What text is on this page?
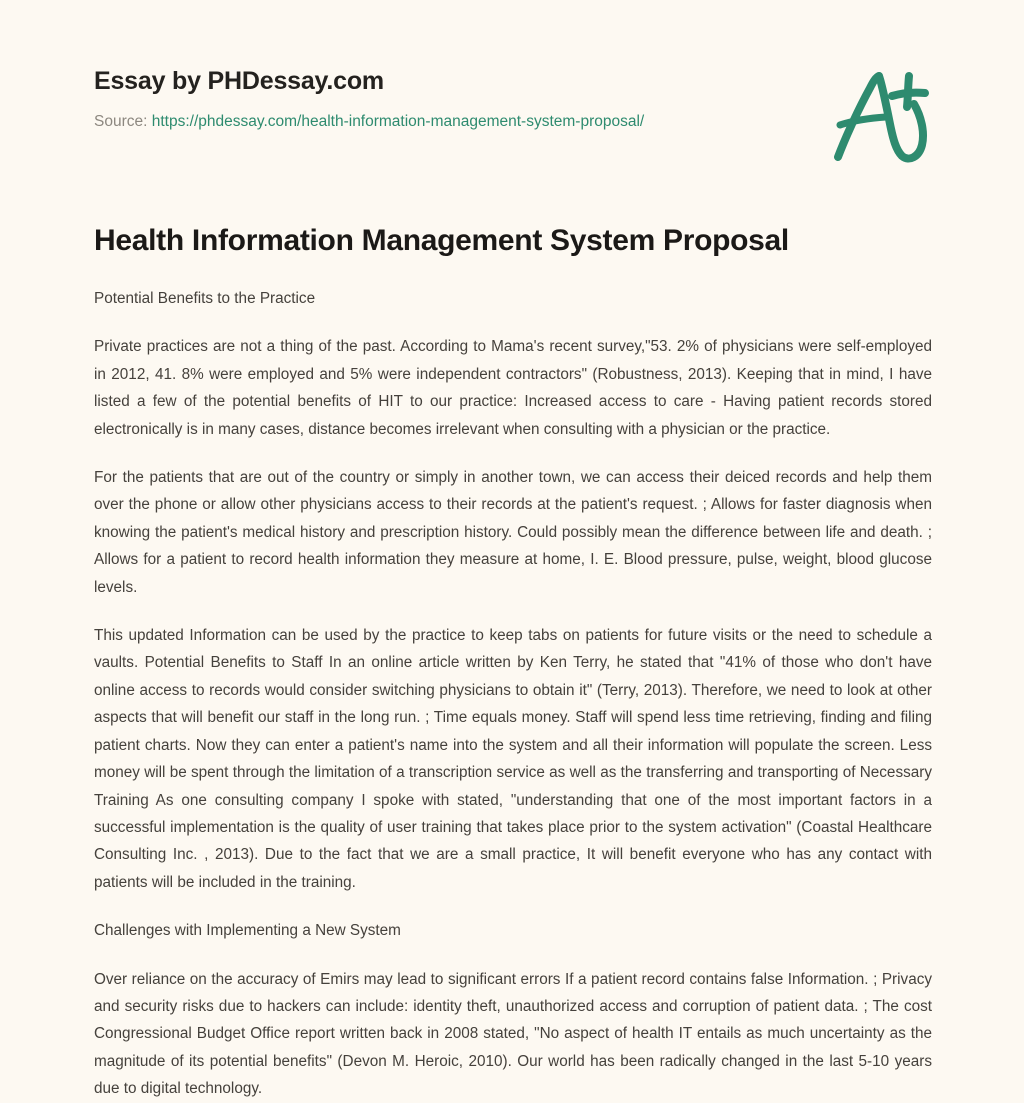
Essay by PHDessay.com
Source: https://phdessay.com/health-information-management-system-proposal/
Health Information Management System Proposal

Potential Benefits to the Practice

Private practices are not a thing of the past. According to Mama's recent survey,"53. 2% of physicians were self-employed in 2012, 41. 8% were employed and 5% were independent contractors" (Robustness, 2013). Keeping that in mind, I have listed a few of the potential benefits of HIT to our practice: Increased access to care - Having patient records stored electronically is in many cases, distance becomes irrelevant when consulting with a physician or the practice.

For the patients that are out of the country or simply in another town, we can access their deiced records and help them over the phone or allow other physicians access to their records at the patient's request. ; Allows for faster diagnosis when knowing the patient's medical history and prescription history. Could possibly mean the difference between life and death. ; Allows for a patient to record health information they measure at home, I. E. Blood pressure, pulse, weight, blood glucose levels.

This updated Information can be used by the practice to keep tabs on patients for future visits or the need to schedule a vaults. Potential Benefits to Staff In an online article written by Ken Terry, he stated that "41% of those who don't have online access to records would consider switching physicians to obtain it" (Terry, 2013). Therefore, we need to look at other aspects that will benefit our staff in the long run. ; Time equals money. Staff will spend less time retrieving, finding and filing patient charts. Now they can enter a patient's name into the system and all their information will populate the screen. Less money will be spent through the limitation of a transcription service as well as the transferring and transporting of Necessary Training As one consulting company I spoke with stated, "understanding that one of the most important factors in a successful implementation is the quality of user training that takes place prior to the system activation" (Coastal Healthcare Consulting Inc. , 2013). Due to the fact that we are a small practice, It will benefit everyone who has any contact with patients will be included in the training.

Challenges with Implementing a New System

Over reliance on the accuracy of Emirs may lead to significant errors If a patient record contains false Information. ; Privacy and security risks due to hackers can include: identity theft, unauthorized access and corruption of patient data. ; The cost Congressional Budget Office report written back in 2008 stated, "No aspect of health IT entails as much uncertainty as the magnitude of its potential benefits" (Devon M. Heroic, 2010). Our world has been radically changed in the last 5-10 years due to digital technology.
